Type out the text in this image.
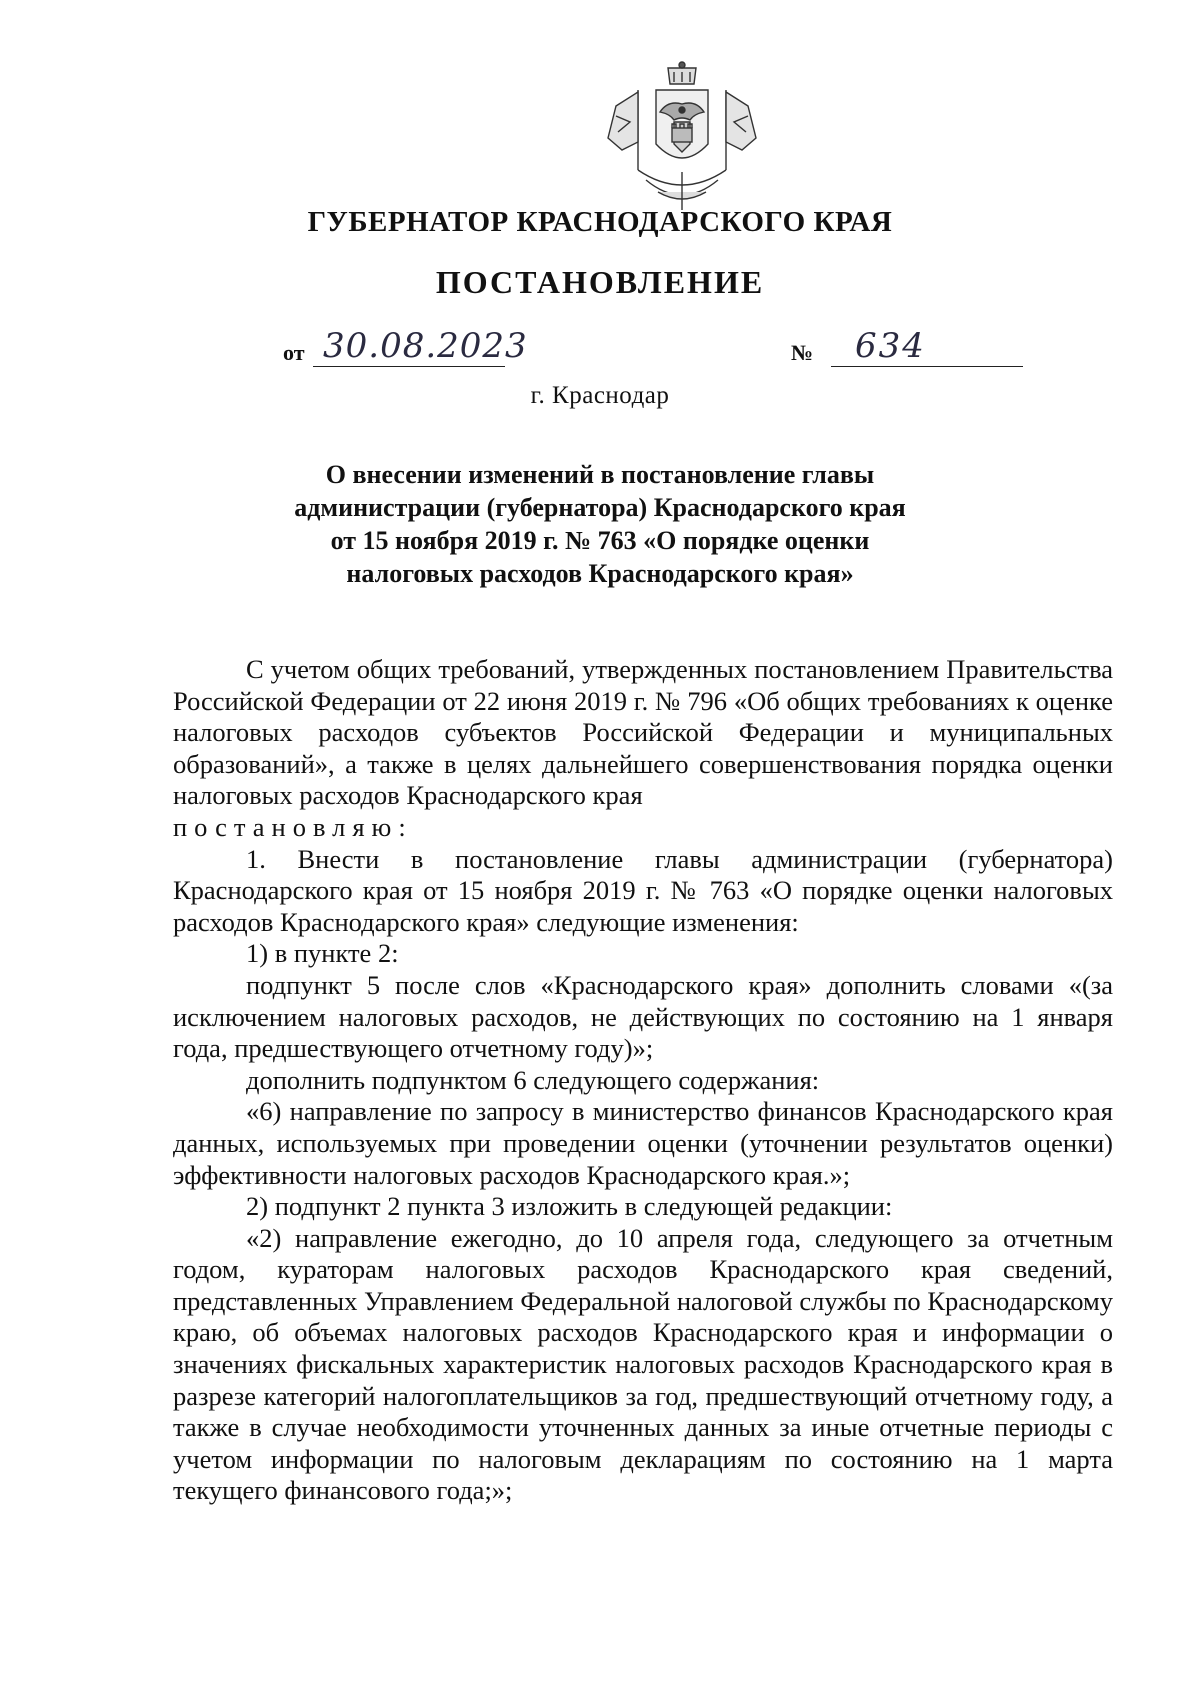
ГУБЕРНАТОР КРАСНОДАРСКОГО КРАЯ
ПОСТАНОВЛЕНИЕ
от 30.08.2023	№ 634
г. Краснодар
О внесении изменений в постановление главы
администрации (губернатора) Краснодарского края
от 15 ноября 2019 г. № 763 «О порядке оценки
налоговых расходов Краснодарского края»

С учетом общих требований, утвержденных постановлением Правительства Российской Федерации от 22 июня 2019 г. № 796 «Об общих требованиях к оценке налоговых расходов субъектов Российской Федерации и муниципальных образований», а также в целях дальнейшего совершенствования порядка оценки налоговых расходов Краснодарского края

постановляю:

1. Внести в постановление главы администрации (губернатора) Краснодарского края от 15 ноября 2019 г. № 763 «О порядке оценки налоговых расходов Краснодарского края» следующие изменения:

1) в пункте 2:

подпункт 5 после слов «Краснодарского края» дополнить словами «(за исключением налоговых расходов, не действующих по состоянию на 1 января года, предшествующего отчетному году)»;

дополнить подпунктом 6 следующего содержания:

«6) направление по запросу в министерство финансов Краснодарского края данных, используемых при проведении оценки (уточнении результатов оценки) эффективности налоговых расходов Краснодарского края.»;

2) подпункт 2 пункта 3 изложить в следующей редакции:

«2) направление ежегодно, до 10 апреля года, следующего за отчетным годом, кураторам налоговых расходов Краснодарского края сведений, представленных Управлением Федеральной налоговой службы по Краснодарскому краю, об объемах налоговых расходов Краснодарского края и информации о значениях фискальных характеристик налоговых расходов Краснодарского края в разрезе категорий налогоплательщиков за год, предшествующий отчетному году, а также в случае необходимости уточненных данных за иные отчетные периоды с учетом информации по налоговым декларациям по состоянию на 1 марта текущего финансового года;»;
